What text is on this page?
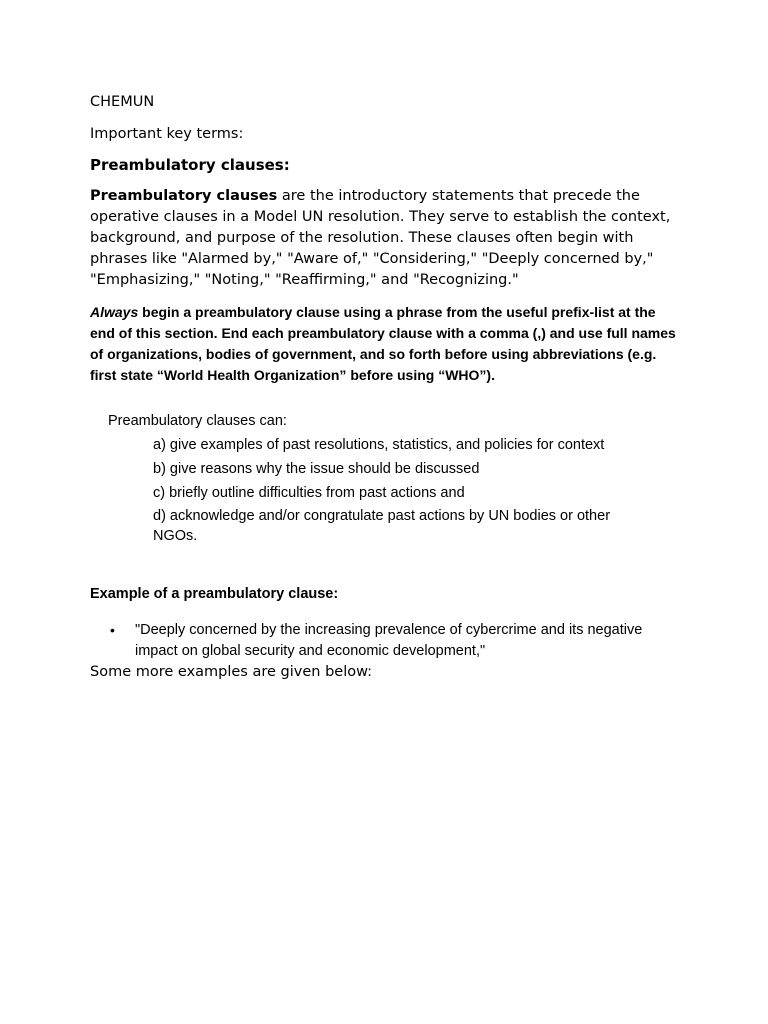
CHEMUN

Important key terms:

Preambulatory clauses:

Preambulatory clauses are the introductory statements that precede the operative clauses in a Model UN resolution. They serve to establish the context, background, and purpose of the resolution. These clauses often begin with phrases like "Alarmed by," "Aware of," "Considering," "Deeply concerned by," "Emphasizing," "Noting," "Reaffirming," and "Recognizing."

Always begin a preambulatory clause using a phrase from the useful prefix-list at the end of this section. End each preambulatory clause with a comma (,) and use full names of organizations, bodies of government, and so forth before using abbreviations (e.g. first state “World Health Organization” before using “WHO”).

Preambulatory clauses can:

a) give examples of past resolutions, statistics, and policies for context

b) give reasons why the issue should be discussed

c) briefly outline difficulties from past actions and

d) acknowledge and/or congratulate past actions by UN bodies or other NGOs.

Example of a preambulatory clause:

• "Deeply concerned by the increasing prevalence of cybercrime and its negative impact on global security and economic development,"

Some more examples are given below:
